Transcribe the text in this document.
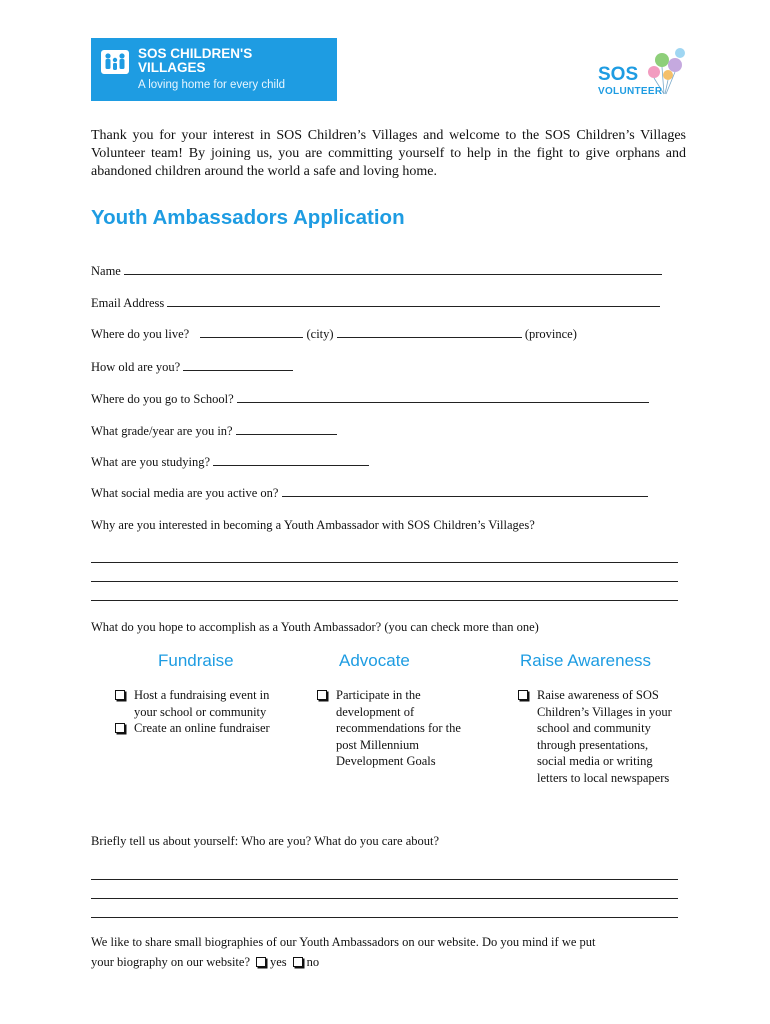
SOS CHILDREN'S
VILLAGES
A loving home for every child	SOS
VOLUNTEER
Thank you for your interest in SOS Children’s Villages and welcome to the SOS Children’s Villages Volunteer team! By joining us, you are committing yourself to help in the fight to give orphans and abandoned children around the world a safe and loving home.
Youth Ambassadors Application
Name
Email Address
Where do you live?	(city)	(province)
How old are you?
Where do you go to School?
What grade/year are you in?
What are you studying?
What social media are you active on?
Why are you interested in becoming a Youth Ambassador with SOS Children’s Villages?
What do you hope to accomplish as a Youth Ambassador? (you can check more than one)
Fundraise	Advocate	Raise Awareness
Host a fundraising event in your school or community
Create an online fundraiser
Participate in the development of recommendations for the post Millennium Development Goals
Raise awareness of SOS Children’s Villages in your school and community through presentations, social media or writing letters to local newspapers
Briefly tell us about yourself: Who are you? What do you care about?
We like to share small biographies of our Youth Ambassadors on our website. Do you mind if we put
your biography on our website? yes no
